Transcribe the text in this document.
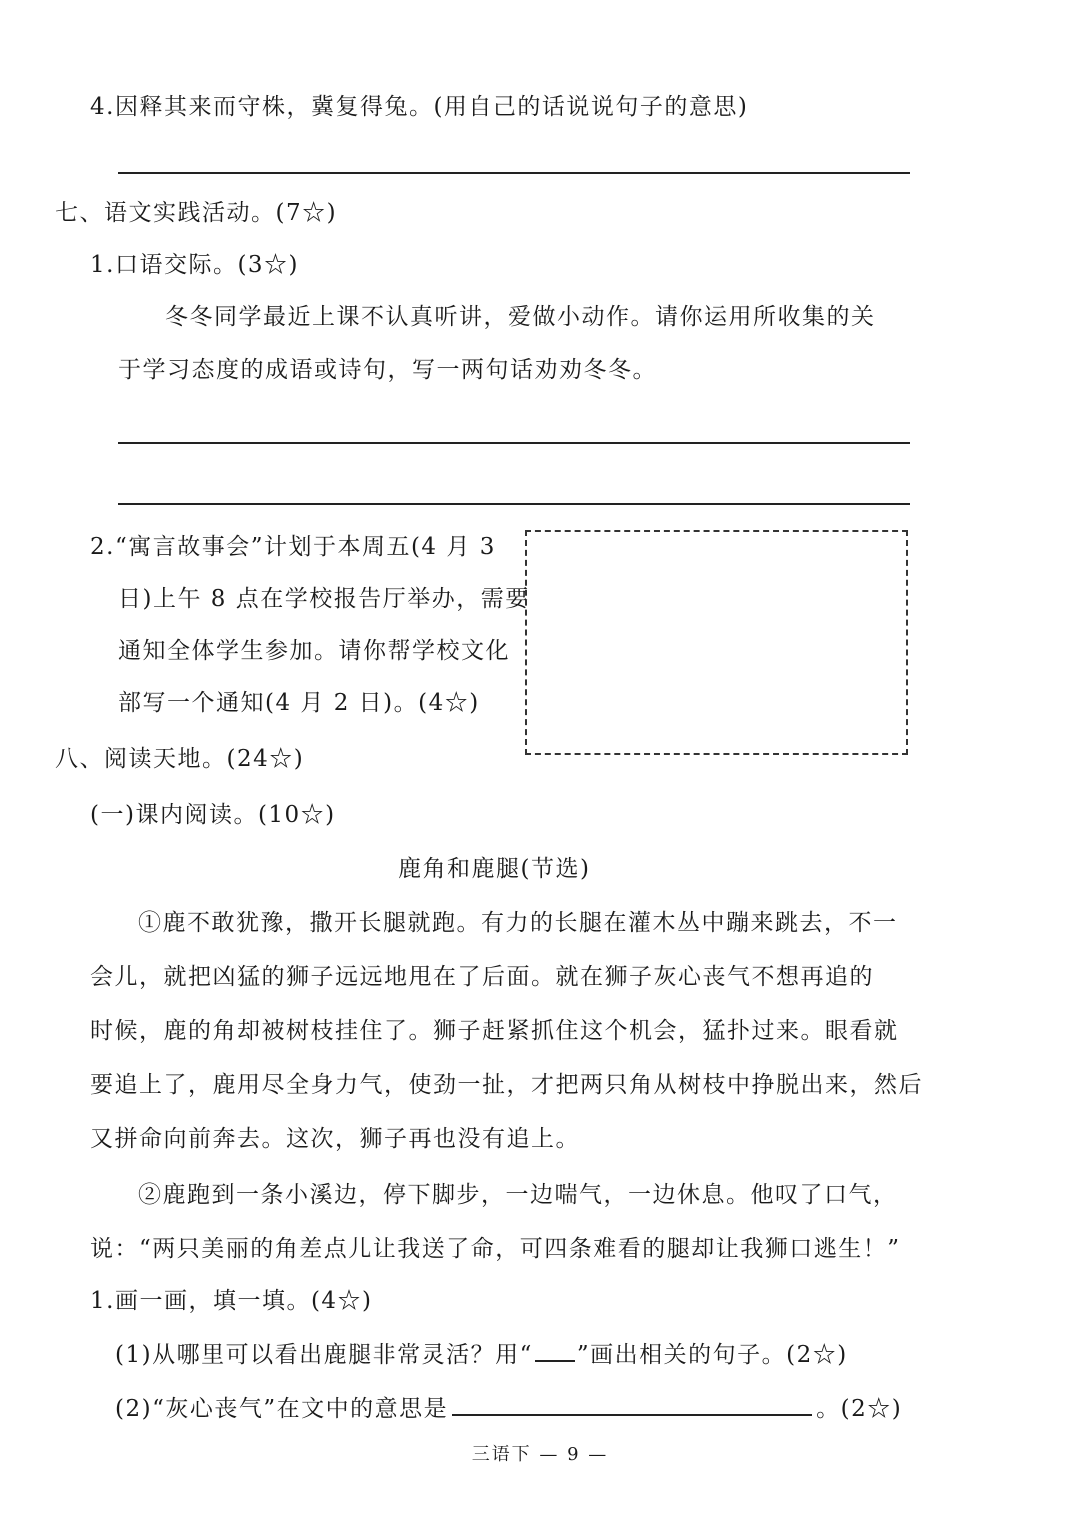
4.因释其来而守株，冀复得兔。(用自己的话说说句子的意思)
七、语文实践活动。(7☆)
1.口语交际。(3☆)
冬冬同学最近上课不认真听讲，爱做小动作。请你运用所收集的关
于学习态度的成语或诗句，写一两句话劝劝冬冬。
2.“寓言故事会”计划于本周五(4 月 3
日)上午 8 点在学校报告厅举办，需要
通知全体学生参加。请你帮学校文化
部写一个通知(4 月 2 日)。(4☆)
八、阅读天地。(24☆)
(一)课内阅读。(10☆)
鹿角和鹿腿(节选)
①鹿不敢犹豫，撒开长腿就跑。有力的长腿在灌木丛中蹦来跳去，不一
会儿，就把凶猛的狮子远远地甩在了后面。就在狮子灰心丧气不想再追的
时候，鹿的角却被树枝挂住了。狮子赶紧抓住这个机会，猛扑过来。眼看就
要追上了，鹿用尽全身力气，使劲一扯，才把两只角从树枝中挣脱出来，然后
又拼命向前奔去。这次，狮子再也没有追上。
②鹿跑到一条小溪边，停下脚步，一边喘气，一边休息。他叹了口气，
说：“两只美丽的角差点儿让我送了命，可四条难看的腿却让我狮口逃生！”
1.画一画，填一填。(4☆)
(1)从哪里可以看出鹿腿非常灵活？用“ ”画出相关的句子。(2☆)
(2)“灰心丧气”在文中的意思是	。(2☆)
三语下 — 9 —
